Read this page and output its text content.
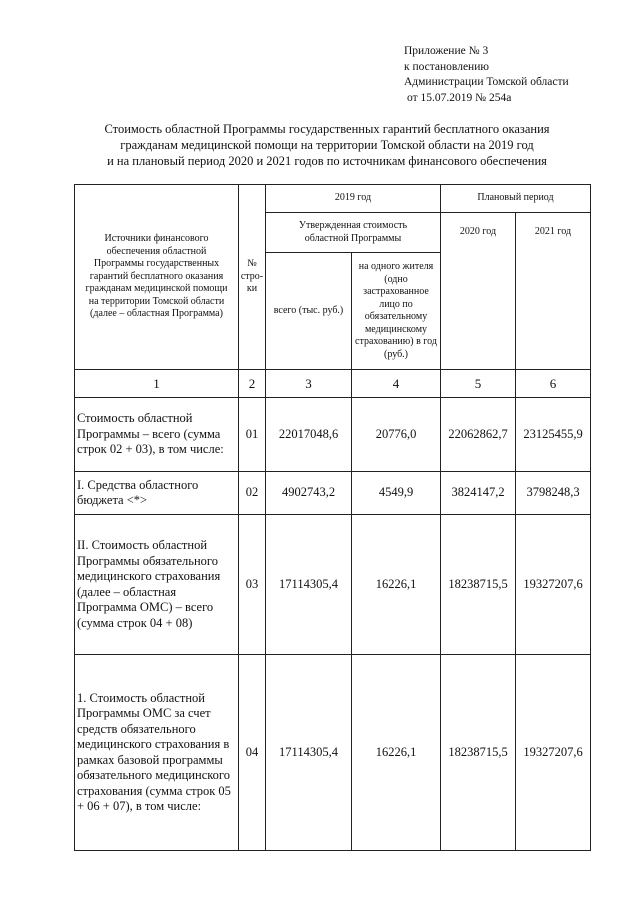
Приложение № 3
к постановлению
Администрации Томской области
от 15.07.2019 № 254а
Стоимость областной Программы государственных гарантий бесплатного оказания
гражданам медицинской помощи на территории Томской области на 2019 год
и на плановый период 2020 и 2021 годов по источникам финансового обеспечения
Источники финансового обеспечения областной Программы государственных гарантий бесплатного оказания гражданам медицинской помощи на территории Томской области (далее – областная Программа)	№ стро-ки	2019 год		Плановый период	
		Утвержденная стоимость областной Программы		2020 год	2021 год
		всего (тыс. руб.)	на одного жителя (одно застрахованное лицо по обязательному медицинскому страхованию) в год (руб.)		
1	2	3	4	5	6
Стоимость областной Программы – всего (сумма строк 02 + 03), в том числе:	01	22017048,6	20776,0	22062862,7	23125455,9
I. Средства областного бюджета <*>	02	4902743,2	4549,9	3824147,2	3798248,3
II. Стоимость областной Программы обязательного медицинского страхования (далее – областная Программа ОМС) – всего (сумма строк 04 + 08)	03	17114305,4	16226,1	18238715,5	19327207,6
1. Стоимость областной Программы ОМС за счет средств обязательного медицинского страхования в рамках базовой программы обязательного медицинского страхования (сумма строк 05 + 06 + 07), в том числе:	04	17114305,4	16226,1	18238715,5	19327207,6
